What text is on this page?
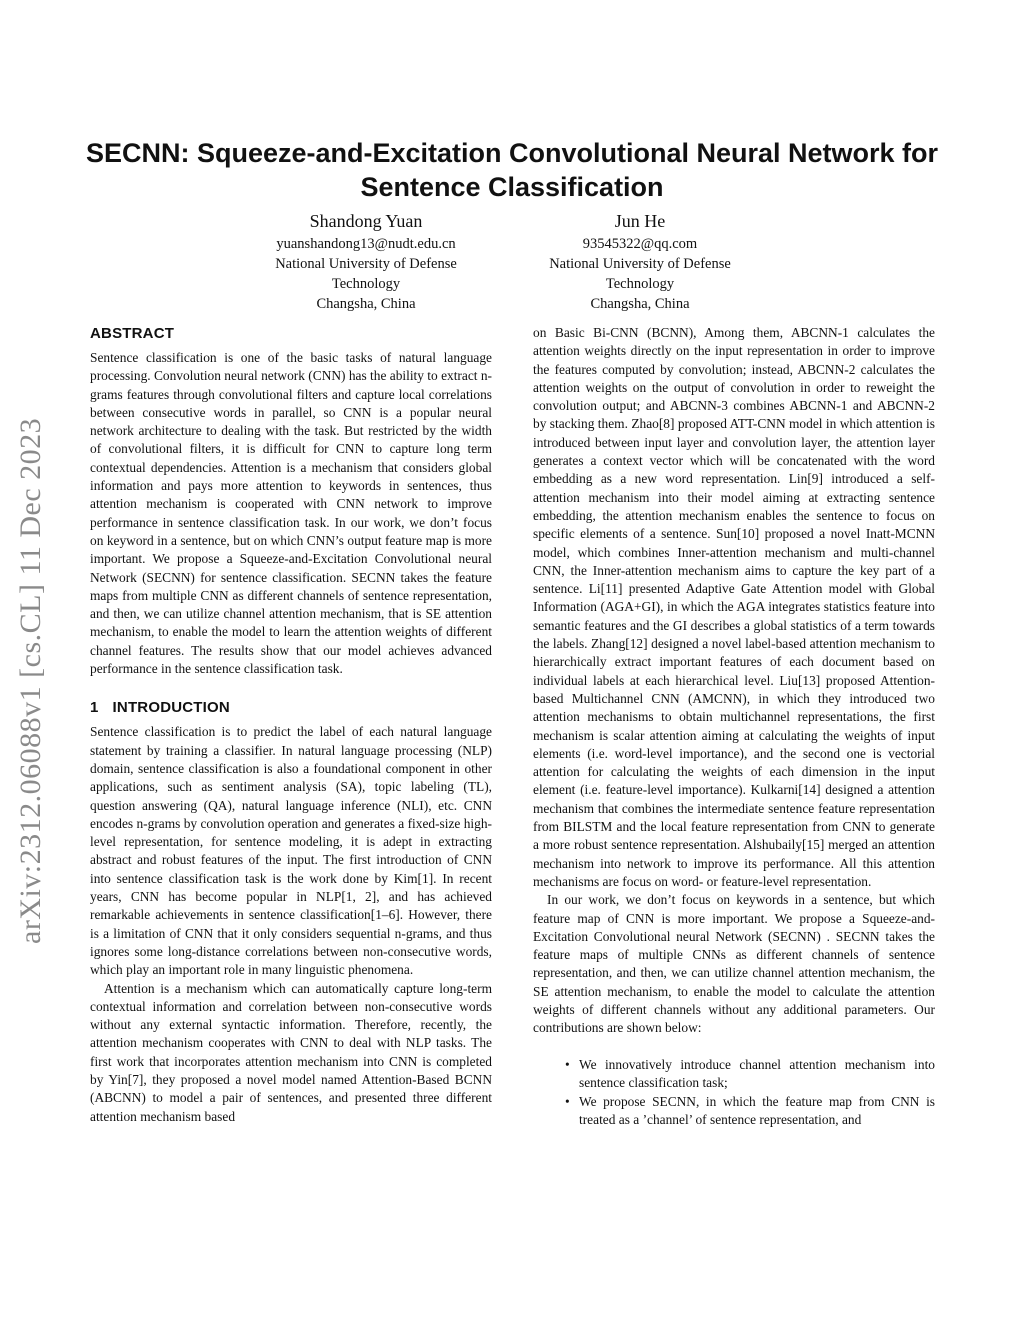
SECNN: Squeeze-and-Excitation Convolutional Neural Network for Sentence Classification
Shandong Yuan
yuanshandong13@nudt.edu.cn
National University of Defense
Technology
Changsha, China
Jun He
93545322@qq.com
National University of Defense
Technology
Changsha, China
arXiv:2312.06088v1 [cs.CL] 11 Dec 2023
ABSTRACT

Sentence classification is one of the basic tasks of natural language processing. Convolution neural network (CNN) has the ability to extract n-grams features through convolutional filters and capture local correlations between consecutive words in parallel, so CNN is a popular neural network architecture to dealing with the task. But restricted by the width of convolutional filters, it is difficult for CNN to capture long term contextual dependencies. Attention is a mechanism that considers global information and pays more attention to keywords in sentences, thus attention mechanism is cooperated with CNN network to improve performance in sentence classification task. In our work, we don’t focus on keyword in a sentence, but on which CNN’s output feature map is more important. We propose a Squeeze-and-Excitation Convolutional neural Network (SECNN) for sentence classification. SECNN takes the feature maps from multiple CNN as different channels of sentence representation, and then, we can utilize channel attention mechanism, that is SE attention mechanism, to enable the model to learn the attention weights of different channel features. The results show that our model achieves advanced performance in the sentence classification task.

1 INTRODUCTION

Sentence classification is to predict the label of each natural language statement by training a classifier. In natural language processing (NLP) domain, sentence classification is also a foundational component in other applications, such as sentiment analysis (SA), topic labeling (TL), question answering (QA), natural language inference (NLI), etc. CNN encodes n-grams by convolution operation and generates a fixed-size high-level representation, for sentence modeling, it is adept in extracting abstract and robust features of the input. The first introduction of CNN into sentence classification task is the work done by Kim[1]. In recent years, CNN has become popular in NLP[1, 2], and has achieved remarkable achievements in sentence classification[1–6]. However, there is a limitation of CNN that it only considers sequential n-grams, and thus ignores some long-distance correlations between non-consecutive words, which play an important role in many linguistic phenomena.

Attention is a mechanism which can automatically capture long-term contextual information and correlation between non-consecutive words without any external syntactic information. Therefore, recently, the attention mechanism cooperates with CNN to deal with NLP tasks. The first work that incorporates attention mechanism into CNN is completed by Yin[7], they proposed a novel model named Attention-Based BCNN (ABCNN) to model a pair of sentences, and presented three different attention mechanism based

on Basic Bi-CNN (BCNN), Among them, ABCNN-1 calculates the attention weights directly on the input representation in order to improve the features computed by convolution; instead, ABCNN-2 calculates the attention weights on the output of convolution in order to reweight the convolution output; and ABCNN-3 combines ABCNN-1 and ABCNN-2 by stacking them. Zhao[8] proposed ATT-CNN model in which attention is introduced between input layer and convolution layer, the attention layer generates a context vector which will be concatenated with the word embedding as a new word representation. Lin[9] introduced a self-attention mechanism into their model aiming at extracting sentence embedding, the attention mechanism enables the sentence to focus on specific elements of a sentence. Sun[10] proposed a novel Inatt-MCNN model, which combines Inner-attention mechanism and multi-channel CNN, the Inner-attention mechanism aims to capture the key part of a sentence. Li[11] presented Adaptive Gate Attention model with Global Information (AGA+GI), in which the AGA integrates statistics feature into semantic features and the GI describes a global statistics of a term towards the labels. Zhang[12] designed a novel label-based attention mechanism to hierarchically extract important features of each document based on individual labels at each hierarchical level. Liu[13] proposed Attention-based Multichannel CNN (AMCNN), in which they introduced two attention mechanisms to obtain multichannel representations, the first mechanism is scalar attention aiming at calculating the weights of input elements (i.e. word-level importance), and the second one is vectorial attention for calculating the weights of each dimension in the input element (i.e. feature-level importance). Kulkarni[14] designed a attention mechanism that combines the intermediate sentence feature representation from BILSTM and the local feature representation from CNN to generate a more robust sentence representation. Alshubaily[15] merged an attention mechanism into network to improve its performance. All this attention mechanisms are focus on word- or feature-level representation.

In our work, we don’t focus on keywords in a sentence, but which feature map of CNN is more important. We propose a Squeeze-and-Excitation Convolutional neural Network (SECNN) . SECNN takes the feature maps of multiple CNNs as different channels of sentence representation, and then, we can utilize channel attention mechanism, the SE attention mechanism, to enable the model to calculate the attention weights of different channels without any additional parameters. Our contributions are shown below:

• We innovatively introduce channel attention mechanism into sentence classification task;
• We propose SECNN, in which the feature map from CNN is treated as a ’channel’ of sentence representation, and
